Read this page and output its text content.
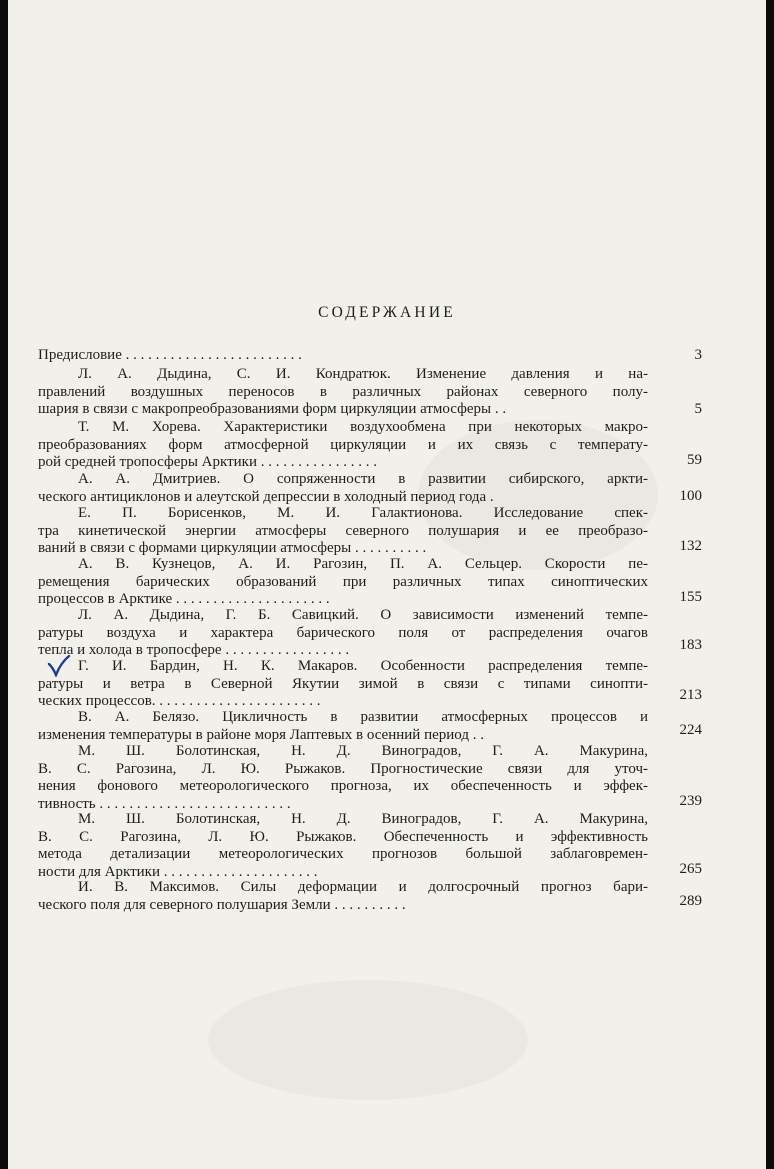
СОДЕРЖАНИЕ
Предисловие . . . . . . . . . . . . . . . . . . . . . . . .	3
Л. А. Дыдина, С. И. Кондратюк. Изменение давления и на-
правлений воздушных переносов в различных районах северного полу-
шария в связи с макропреобразованиями форм циркуляции атмосферы . .	5
Т. М. Хорева. Характеристики воздухообмена при некоторых макро-
преобразованиях форм атмосферной циркуляции и их связь с температу-
рой средней тропосферы Арктики . . . . . . . . . . . . . . . .	59
А. А. Дмитриев. О сопряженности в развитии сибирского, аркти-
ческого антициклонов и алеутской депрессии в холодный период года .	100
Е. П. Борисенков, М. И. Галактионова. Исследование спек-
тра кинетической энергии атмосферы северного полушария и ее преобразо-
ваний в связи с формами циркуляции атмосферы . . . . . . . . . .	132
А. В. Кузнецов, А. И. Рагозин, П. А. Сельцер. Скорости пе-
ремещения барических образований при различных типах синоптических
процессов в Арктике . . . . . . . . . . . . . . . . . . . . .	155
Л. А. Дыдина, Г. Б. Савицкий. О зависимости изменений темпе-
ратуры воздуха и характера барического поля от распределения очагов
тепла и холода в тропосфере . . . . . . . . . . . . . . . . .	183
Г. И. Бардин, Н. К. Макаров. Особенности распределения темпе-
ратуры и ветра в Северной Якутии зимой в связи с типами синопти-
ческих процессов. . . . . . . . . . . . . . . . . . . . . . .	213
В. А. Белязо. Цикличность в развитии атмосферных процессов и
изменения температуры в районе моря Лаптевых в осенний период . .	224
М. Ш. Болотинская, Н. Д. Виноградов, Г. А. Макурина,
В. С. Рагозина, Л. Ю. Рыжаков. Прогностические связи для уточ-
нения фонового метеорологического прогноза, их обеспеченность и эффек-
тивность . . . . . . . . . . . . . . . . . . . . . . . . . .	239
М. Ш. Болотинская, Н. Д. Виноградов, Г. А. Макурина,
В. С. Рагозина, Л. Ю. Рыжаков. Обеспеченность и эффективность
метода детализации метеорологических прогнозов большой заблаговремен-
ности для Арктики . . . . . . . . . . . . . . . . . . . . .	265
И. В. Максимов. Силы деформации и долгосрочный прогноз бари-
ческого поля для северного полушария Земли . . . . . . . . . .	289
